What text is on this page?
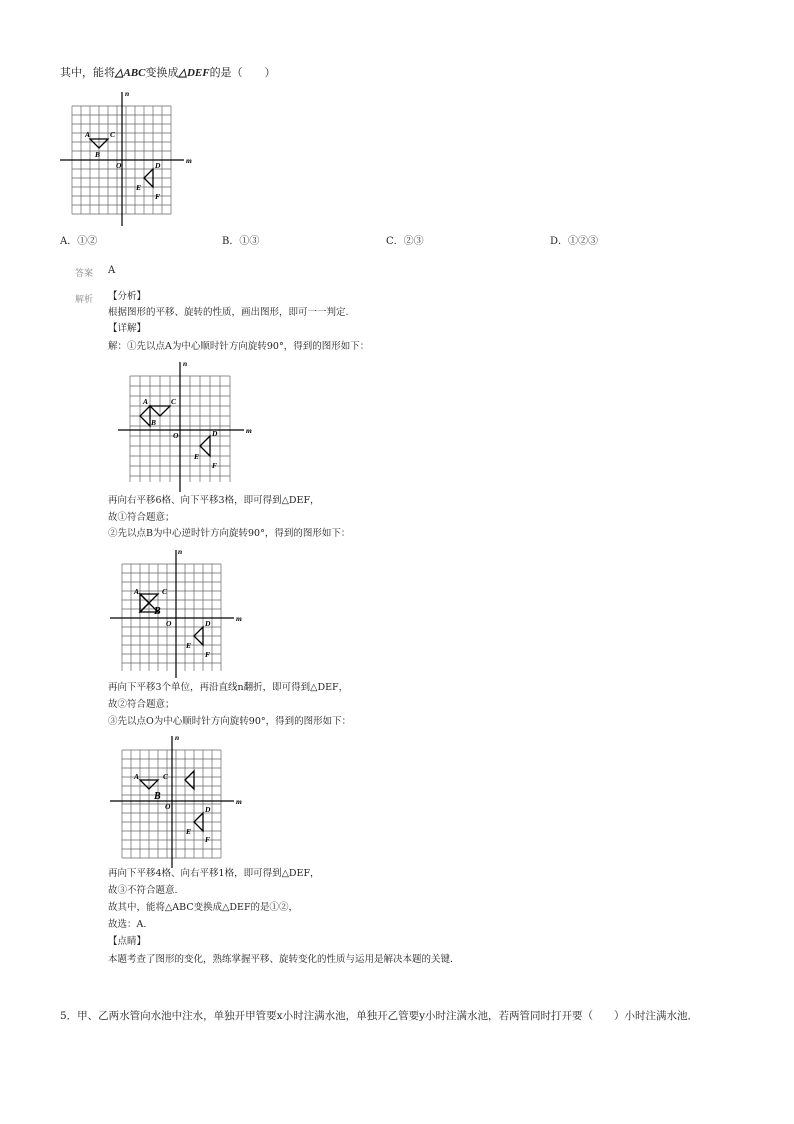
其中，能将△ABC变换成△DEF的是（　　）
m
n
O
A
B
C
D
E
F
A．①②	B．①③	C．②③	D．①②③
答案 A
解析 【分析】
根据图形的平移、旋转的性质，画出图形，即可一一判定.
【详解】
解：①先以点A为中心顺时针方向旋转90°，得到的图形如下：
m
n
O
A
B
C
D
E
F
再向右平移6格、向下平移3格，即可得到△DEF，
故①符合题意；
②先以点B为中心逆时针方向旋转90°，得到的图形如下：
m
n
O
A
B
C
D
E
F
再向下平移3个单位，再沿直线n翻折，即可得到△DEF，
故②符合题意；
③先以点O为中心顺时针方向旋转90°，得到的图形如下：
m
n
O
A
B
C
D
E
F
再向下平移4格、向右平移1格，即可得到△DEF，
故③不符合题意.
故其中，能将△ABC变换成△DEF的是①②，
故选：A.
【点睛】
本题考查了图形的变化，熟练掌握平移、旋转变化的性质与运用是解决本题的关键.
5．甲、乙两水管向水池中注水，单独开甲管要x小时注满水池，单独开乙管要y小时注满水池，若两管同时打开要（　　）小时注满水池．
